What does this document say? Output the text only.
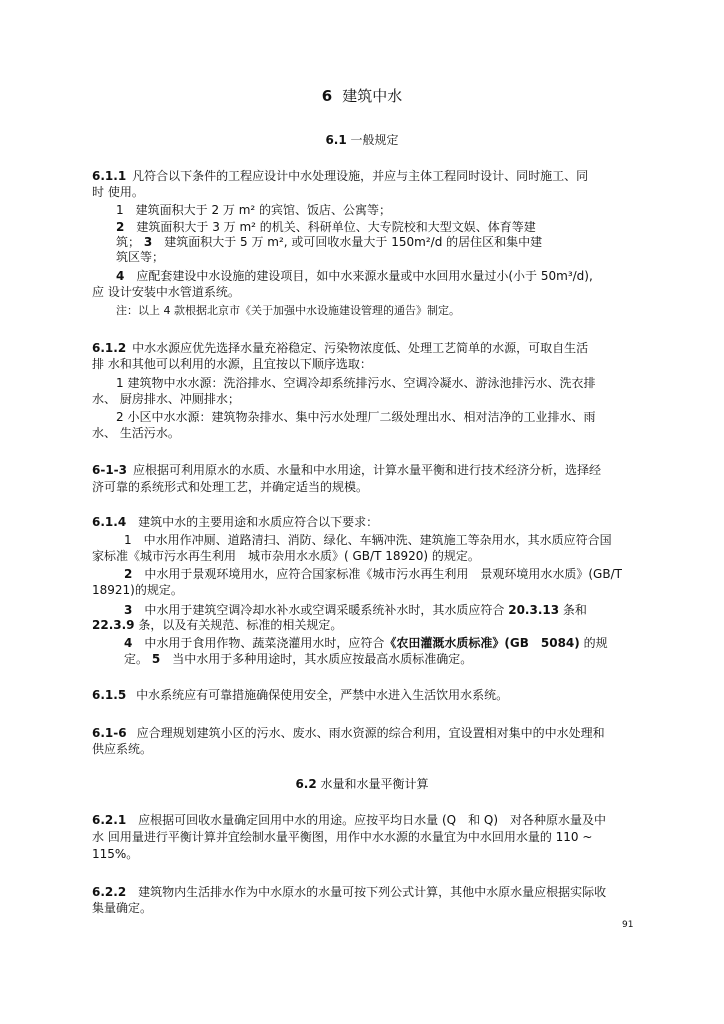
6 建筑中水
6.1 一般规定
6.1.1 凡符合以下条件的工程应设计中水处理设施，并应与主体工程同时设计、同时施工、同
时 使用。
1　建筑面积大于 2 万 m² 的宾馆、饭店、公寓等；
2　 建筑面积大于 3 万 m² 的机关、科研单位、大专院校和大型文娱、体育等建
筑； 3　 建筑面积大于 5 万 m², 或可回收水量大于 150m²/d 的居住区和集中建
筑区等；
4　 应配套建设中水设施的建设项目，如中水来源水量或中水回用水量过小(小于 50m³/d),
应 设计安装中水管道系统。
注：以上 4 款根据北京市《关于加强中水设施建设管理的通告》制定。
6.1.2 中水水源应优先选择水量充裕稳定、污染物浓度低、处理工艺简单的水源，可取自生活
排 水和其他可以利用的水源，且宜按以下顺序选取：
1 建筑物中水水源：洗浴排水、空调冷却系统排污水、空调冷凝水、游泳池排污水、洗衣排
水、 厨房排水、冲厕排水；
2 小区中水水源：建筑物杂排水、集中污水处理厂二级处理出水、相对洁净的工业排水、雨
水、 生活污水。
6-1-3 应根据可利用原水的水质、水量和中水用途，计算水量平衡和进行技术经济分析，选择经
济可靠的系统形式和处理工艺，并确定适当的规模。
6.1.4 建筑中水的主要用途和水质应符合以下要求：
1　中水用作冲厕、道路清扫、消防、绿化、车辆冲洗、建筑施工等杂用水，其水质应符合国
家标准《城市污水再生利用　城市杂用水水质》( GB/T 18920) 的规定。
2　 中水用于景观环境用水，应符合国家标准《城市污水再生利用　景观环境用水水质》(GB/T
18921)的规定。
3　 中水用于建筑空调冷却水补水或空调采暖系统补水时，其水质应符合 20.3.13 条和
22.3.9 条，以及有关规范、标准的相关规定。
4　 中水用于食用作物、蔬菜浇灌用水时，应符合《农田灌溉水质标准》(GB　5084) 的规
定。 5　 当中水用于多种用途时，其水质应按最高水质标准确定。
6.1.5 中水系统应有可靠措施确保使用安全，严禁中水进入生活饮用水系统。
6.1-6 应合理规划建筑小区的污水、废水、雨水资源的综合利用，宜设置相对集中的中水处理和
供应系统。
6.2 水量和水量平衡计算
6.2.1 应根据可回收水量确定回用中水的用途。应按平均日水量 (Q　和 Q)　对各种原水量及中
水 回用量进行平衡计算并宜绘制水量平衡图，用作中水水源的水量宜为中水回用水量的 110 ~
115%。
6.2.2 建筑物内生活排水作为中水原水的水量可按下列公式计算，其他中水原水量应根据实际收
集量确定。
91
